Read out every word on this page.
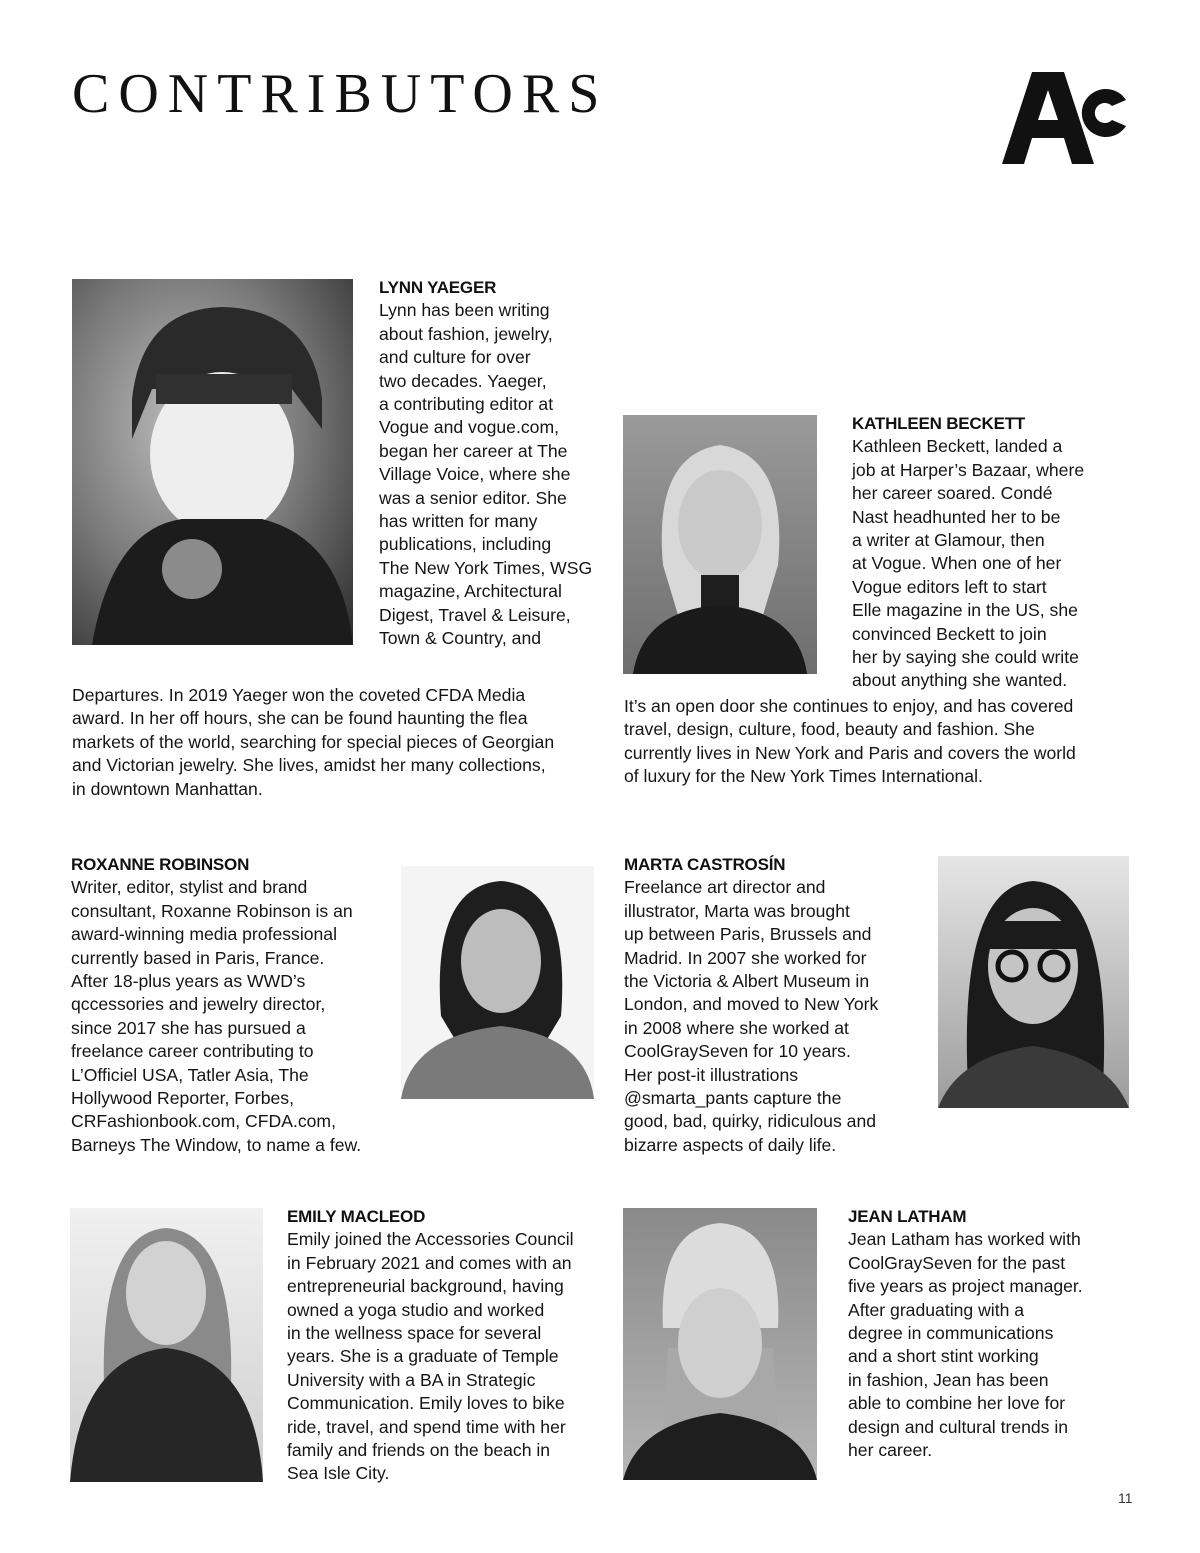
CONTRIBUTORS

LYNN YAEGER

Lynn has been writing

about fashion, jewelry,

and culture for over

two decades. Yaeger,

a contributing editor at

Vogue and vogue.com,

began her career at The

Village Voice, where she

was a senior editor. She

has written for many

publications, including

The New York Times, WSG

magazine, Architectural

Digest, Travel & Leisure,

Town & Country, and

Departures. In 2019 Yaeger won the coveted CFDA Media

award. In her off hours, she can be found haunting the flea

markets of the world, searching for special pieces of Georgian

and Victorian jewelry. She lives, amidst her many collections,

in downtown Manhattan.

KATHLEEN BECKETT

Kathleen Beckett, landed a

job at Harper’s Bazaar, where

her career soared. Condé

Nast headhunted her to be

a writer at Glamour, then

at Vogue. When one of her

Vogue editors left to start

Elle magazine in the US, she

convinced Beckett to join

her by saying she could write

about anything she wanted.

It’s an open door she continues to enjoy, and has covered

travel, design, culture, food, beauty and fashion. She

currently lives in New York and Paris and covers the world

of luxury for the New York Times International.

ROXANNE ROBINSON

Writer, editor, stylist and brand

consultant, Roxanne Robinson is an

award-winning media professional

currently based in Paris, France.

After 18-plus years as WWD’s

qccessories and jewelry director,

since 2017 she has pursued a

freelance career contributing to

L’Officiel USA, Tatler Asia, The

Hollywood Reporter, Forbes,

CRFashionbook.com, CFDA.com,

Barneys The Window, to name a few.

MARTA CASTROSÍN

Freelance art director and

illustrator, Marta was brought

up between Paris, Brussels and

Madrid. In 2007 she worked for

the Victoria & Albert Museum in

London, and moved to New York

in 2008 where she worked at

CoolGraySeven for 10 years.

Her post-it illustrations

@smarta_pants capture the

good, bad, quirky, ridiculous and

bizarre aspects of daily life.

EMILY MACLEOD

Emily joined the Accessories Council

in February 2021 and comes with an

entrepreneurial background, having

owned a yoga studio and worked

in the wellness space for several

years. She is a graduate of Temple

University with a BA in Strategic

Communication. Emily loves to bike

ride, travel, and spend time with her

family and friends on the beach in

Sea Isle City.

JEAN LATHAM

Jean Latham has worked with

CoolGraySeven for the past

five years as project manager.

After graduating with a

degree in communications

and a short stint working

in fashion, Jean has been

able to combine her love for

design and cultural trends in

her career.

11
